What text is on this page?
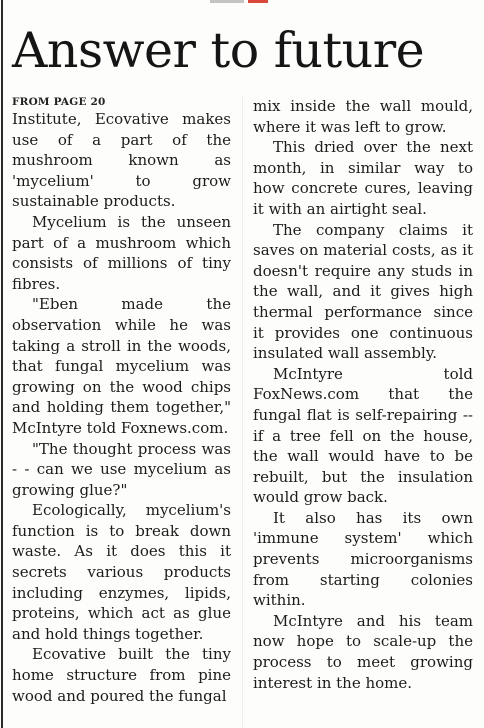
Answer to future
FROM PAGE 20

Institute, Ecovative makes use of a part of the mushroom known as 'mycelium' to grow sustainable products.

Mycelium is the unseen part of a mushroom which consists of millions of tiny fibres.

"Eben made the observation while he was taking a stroll in the woods, that fungal mycelium was growing on the wood chips and holding them together," McIntyre told Foxnews.com.

"The thought process was - - can we use mycelium as growing glue?"

Ecologically, mycelium's function is to break down waste. As it does this it secrets various products including enzymes, lipids, proteins, which act as glue and hold things together.

Ecovative built the tiny home structure from pine wood and poured the fungal

mix inside the wall mould, where it was left to grow.

This dried over the next month, in similar way to how concrete cures, leaving it with an airtight seal.

The company claims it saves on material costs, as it doesn't require any studs in the wall, and it gives high thermal performance since it provides one continuous insulated wall assembly.

McIntyre told FoxNews.com that the fungal flat is self-repairing -- if a tree fell on the house, the wall would have to be rebuilt, but the insulation would grow back.

It also has its own 'immune system' which prevents microorganisms from starting colonies within.

McIntyre and his team now hope to scale-up the process to meet growing interest in the home.
